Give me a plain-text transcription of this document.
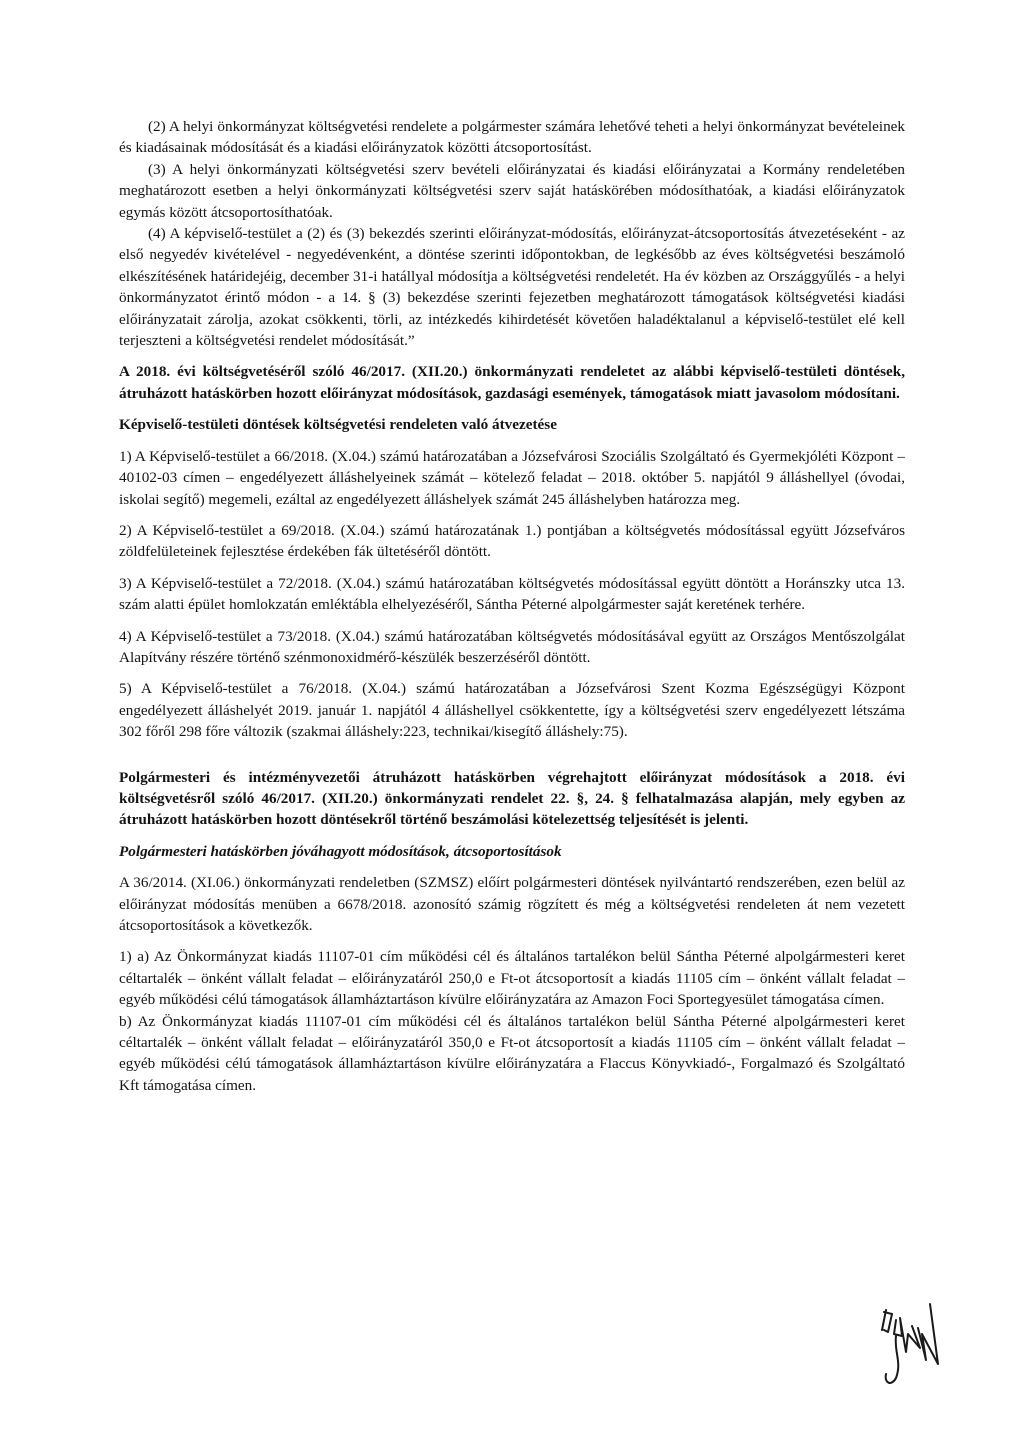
(2) A helyi önkormányzat költségvetési rendelete a polgármester számára lehetővé teheti a helyi önkormányzat bevételeinek és kiadásainak módosítását és a kiadási előirányzatok közötti átcsoportosítást.

(3) A helyi önkormányzati költségvetési szerv bevételi előirányzatai és kiadási előirányzatai a Kormány rendeletében meghatározott esetben a helyi önkormányzati költségvetési szerv saját hatáskörében módosíthatóak, a kiadási előirányzatok egymás között átcsoportosíthatóak.

(4) A képviselő-testület a (2) és (3) bekezdés szerinti előirányzat-módosítás, előirányzat-átcsoportosítás átvezetéseként - az első negyedév kivételével - negyedévenként, a döntése szerinti időpontokban, de legkésőbb az éves költségvetési beszámoló elkészítésének határidejéig, december 31-i hatállyal módosítja a költségvetési rendeletét. Ha év közben az Országgyűlés - a helyi önkormányzatot érintő módon - a 14. § (3) bekezdése szerinti fejezetben meghatározott támogatások költségvetési kiadási előirányzatait zárolja, azokat csökkenti, törli, az intézkedés kihirdetését követően haladéktalanul a képviselő-testület elé kell terjeszteni a költségvetési rendelet módosítását.”

A 2018. évi költségvetéséről szóló 46/2017. (XII.20.) önkormányzati rendeletet az alábbi képviselő-testületi döntések, átruházott hatáskörben hozott előirányzat módosítások, gazdasági események, támogatások miatt javasolom módosítani.

Képviselő-testületi döntések költségvetési rendeleten való átvezetése

1) A Képviselő-testület a 66/2018. (X.04.) számú határozatában a Józsefvárosi Szociális Szolgáltató és Gyermekjóléti Központ – 40102-03 címen – engedélyezett álláshelyeinek számát – kötelező feladat – 2018. október 5. napjától 9 álláshellyel (óvodai, iskolai segítő) megemeli, ezáltal az engedélyezett álláshelyek számát 245 álláshelyben határozza meg.

2) A Képviselő-testület a 69/2018. (X.04.) számú határozatának 1.) pontjában a költségvetés módosítással együtt Józsefváros zöldfelületeinek fejlesztése érdekében fák ültetéséről döntött.

3) A Képviselő-testület a 72/2018. (X.04.) számú határozatában költségvetés módosítással együtt döntött a Horánszky utca 13. szám alatti épület homlokzatán emléktábla elhelyezéséről, Sántha Péterné alpolgármester saját keretének terhére.

4) A Képviselő-testület a 73/2018. (X.04.) számú határozatában költségvetés módosításával együtt az Országos Mentőszolgálat Alapítvány részére történő szénmonoxidmérő-készülék beszerzéséről döntött.

5) A Képviselő-testület a 76/2018. (X.04.) számú határozatában a Józsefvárosi Szent Kozma Egészségügyi Központ engedélyezett álláshelyét 2019. január 1. napjától 4 álláshellyel csökkentette, így a költségvetési szerv engedélyezett létszáma 302 főről 298 főre változik (szakmai álláshely:223, technikai/kisegítő álláshely:75).

Polgármesteri és intézményvezetői átruházott hatáskörben végrehajtott előirányzat módosítások a 2018. évi költségvetésről szóló 46/2017. (XII.20.) önkormányzati rendelet 22. §, 24. § felhatalmazása alapján, mely egyben az átruházott hatáskörben hozott döntésekről történő beszámolási kötelezettség teljesítését is jelenti.

Polgármesteri hatáskörben jóváhagyott módosítások, átcsoportosítások

A 36/2014. (XI.06.) önkormányzati rendeletben (SZMSZ) előírt polgármesteri döntések nyilvántartó rendszerében, ezen belül az előirányzat módosítás menüben a 6678/2018. azonosító számig rögzített és még a költségvetési rendeleten át nem vezetett átcsoportosítások a következők.

1) a) Az Önkormányzat kiadás 11107-01 cím működési cél és általános tartalékon belül Sántha Péterné alpolgármesteri keret céltartalék – önként vállalt feladat – előirányzatáról 250,0 e Ft-ot átcsoportosít a kiadás 11105 cím – önként vállalt feladat – egyéb működési célú támogatások államháztartáson kívülre előirányzatára az Amazon Foci Sportegyesület támogatása címen.

b) Az Önkormányzat kiadás 11107-01 cím működési cél és általános tartalékon belül Sántha Péterné alpolgármesteri keret céltartalék – önként vállalt feladat – előirányzatáról 350,0 e Ft-ot átcsoportosít a kiadás 11105 cím – önként vállalt feladat – egyéb működési célú támogatások államháztartáson kívülre előirányzatára a Flaccus Könyvkiadó-, Forgalmazó és Szolgáltató Kft támogatása címen.
